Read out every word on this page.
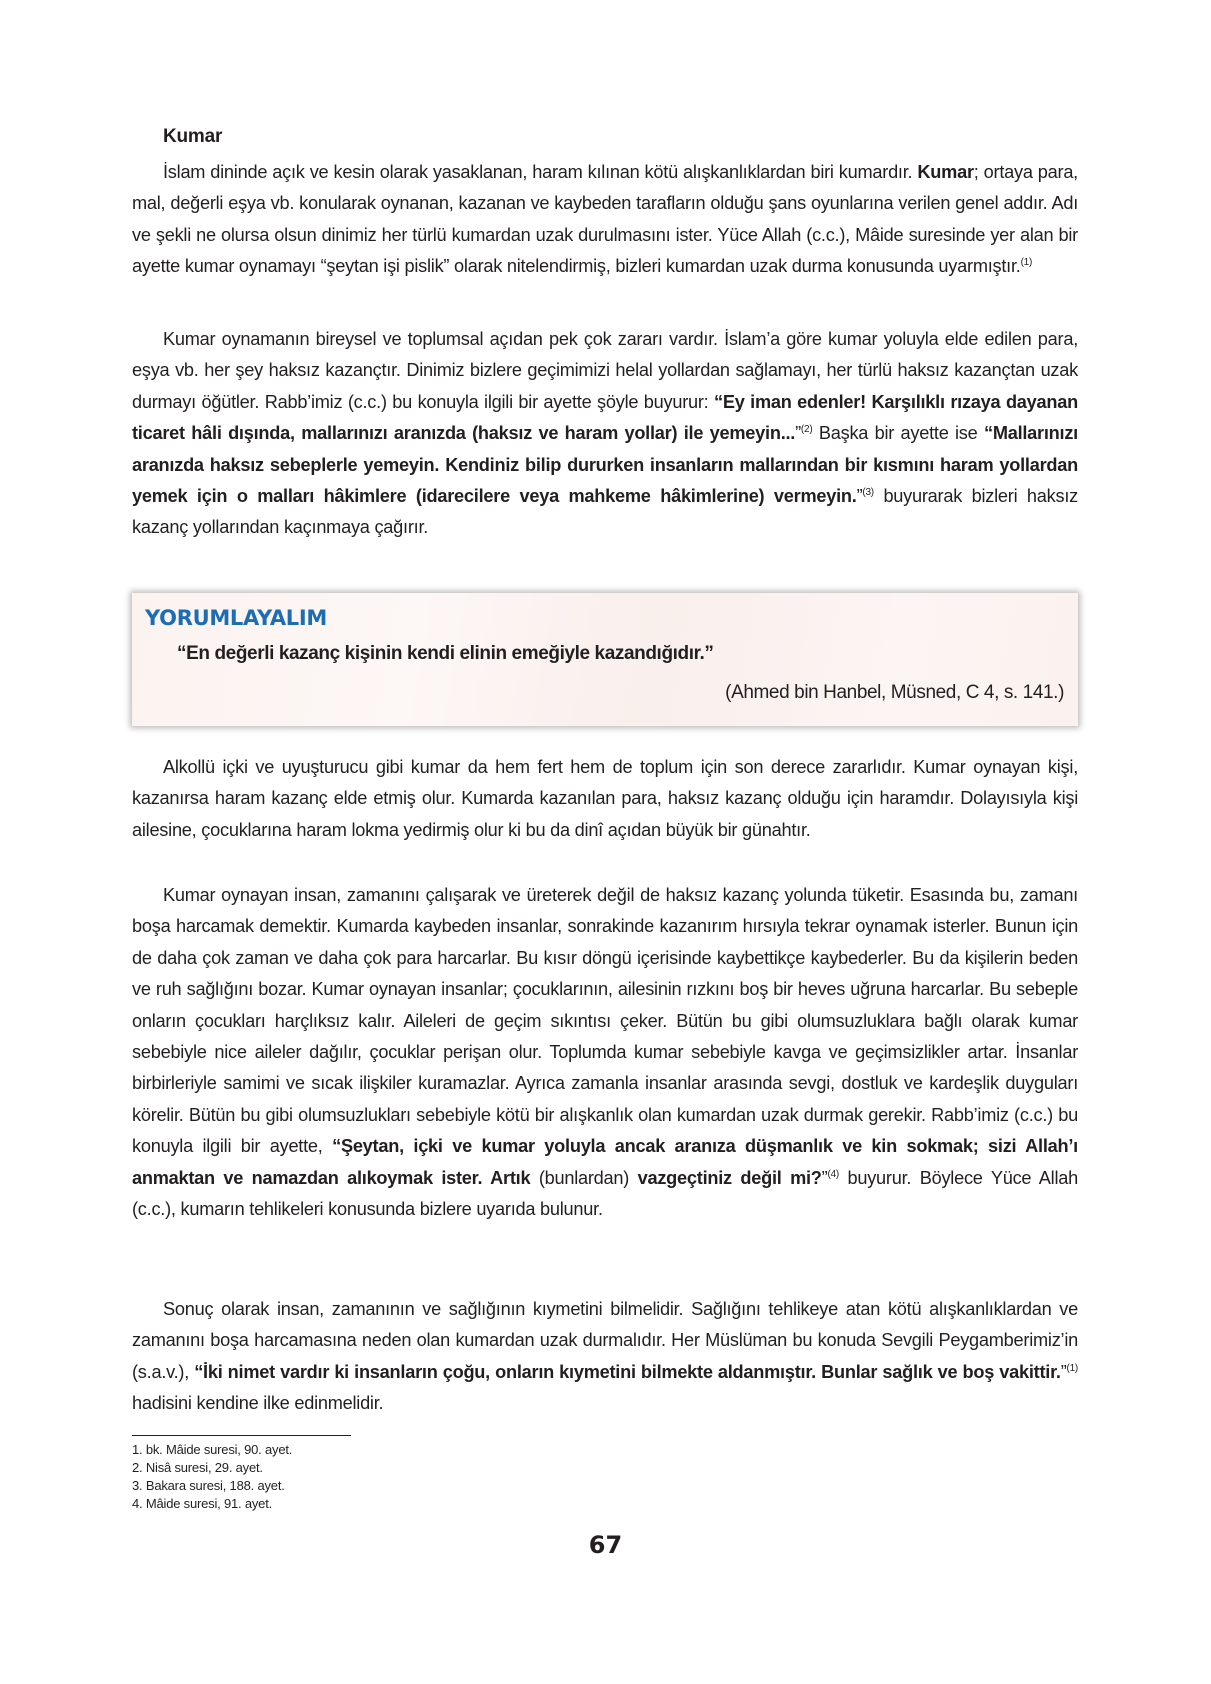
Kumar

İslam dininde açık ve kesin olarak yasaklanan, haram kılınan kötü alışkanlıklardan biri kumardır. Kumar; ortaya para, mal, değerli eşya vb. konularak oynanan, kazanan ve kaybeden tarafların olduğu şans oyunlarına verilen genel addır. Adı ve şekli ne olursa olsun dinimiz her türlü kumardan uzak durulmasını ister. Yüce Allah (c.c.), Mâide suresinde yer alan bir ayette kumar oynamayı “şeytan işi pislik” olarak nitelendirmiş, bizleri kumardan uzak durma konusunda uyarmıştır.$^{(1)}$

Kumar oynamanın bireysel ve toplumsal açıdan pek çok zararı vardır. İslam’a göre kumar yoluyla elde edilen para, eşya vb. her şey haksız kazançtır. Dinimiz bizlere geçimimizi helal yollardan sağlamayı, her türlü haksız kazançtan uzak durmayı öğütler. Rabb’imiz (c.c.) bu konuyla ilgili bir ayette şöyle buyurur: “Ey iman edenler! Karşılıklı rızaya dayanan ticaret hâli dışında, mallarınızı aranızda (haksız ve haram yollar) ile yemeyin...”$^{(2)}$ Başka bir ayette ise “Mallarınızı aranızda haksız sebeplerle yemeyin. Kendiniz bilip dururken insanların mallarından bir kısmını haram yollardan yemek için o malları hâkimlere (idarecilere veya mahkeme hâkimlerine) vermeyin.”$^{(3)}$ buyurarak bizleri haksız kazanç yollarından kaçınmaya çağırır.

YORUMLAYALIM
“En değerli kazanç kişinin kendi elinin emeğiyle kazandığıdır.”
(Ahmed bin Hanbel, Müsned, C 4, s. 141.)

Alkollü içki ve uyuşturucu gibi kumar da hem fert hem de toplum için son derece zararlıdır. Kumar oynayan kişi, kazanırsa haram kazanç elde etmiş olur. Kumarda kazanılan para, haksız kazanç olduğu için haramdır. Dolayısıyla kişi ailesine, çocuklarına haram lokma yedirmiş olur ki bu da dinî açıdan büyük bir günahtır.

Kumar oynayan insan, zamanını çalışarak ve üreterek değil de haksız kazanç yolunda tüketir. Esasında bu, zamanı boşa harcamak demektir. Kumarda kaybeden insanlar, sonrakinde kazanırım hırsıyla tekrar oynamak isterler. Bunun için de daha çok zaman ve daha çok para harcarlar. Bu kısır döngü içerisinde kaybettikçe kaybederler. Bu da kişilerin beden ve ruh sağlığını bozar. Kumar oynayan insanlar; çocuklarının, ailesinin rızkını boş bir heves uğruna harcarlar. Bu sebeple onların çocukları harçlıksız kalır. Aileleri de geçim sıkıntısı çeker. Bütün bu gibi olumsuzluklara bağlı olarak kumar sebebiyle nice aileler dağılır, çocuklar perişan olur. Toplumda kumar sebebiyle kavga ve geçimsizlikler artar. İnsanlar birbirleriyle samimi ve sıcak ilişkiler kuramazlar. Ayrıca zamanla insanlar arasında sevgi, dostluk ve kardeşlik duyguları körelir. Bütün bu gibi olumsuzlukları sebebiyle kötü bir alışkanlık olan kumardan uzak durmak gerekir. Rabb’imiz (c.c.) bu konuyla ilgili bir ayette, “Şeytan, içki ve kumar yoluyla ancak aranıza düşmanlık ve kin sokmak; sizi Allah’ı anmaktan ve namazdan alıkoymak ister. Artık (bunlardan) vazgeçtiniz değil mi?”$^{(4)}$ buyurur. Böylece Yüce Allah (c.c.), kumarın tehlikeleri konusunda bizlere uyarıda bulunur.

Sonuç olarak insan, zamanının ve sağlığının kıymetini bilmelidir. Sağlığını tehlikeye atan kötü alışkanlıklardan ve zamanını boşa harcamasına neden olan kumardan uzak durmalıdır. Her Müslüman bu konuda Sevgili Peygamberimiz’in (s.a.v.), “İki nimet vardır ki insanların çoğu, onların kıymetini bilmekte aldanmıştır. Bunlar sağlık ve boş vakittir.”$^{(1)}$ hadisini kendine ilke edinmelidir.

1. bk. Mâide suresi, 90. ayet.
2. Nisâ suresi, 29. ayet.
3. Bakara suresi, 188. ayet.
4. Mâide suresi, 91. ayet.
67
